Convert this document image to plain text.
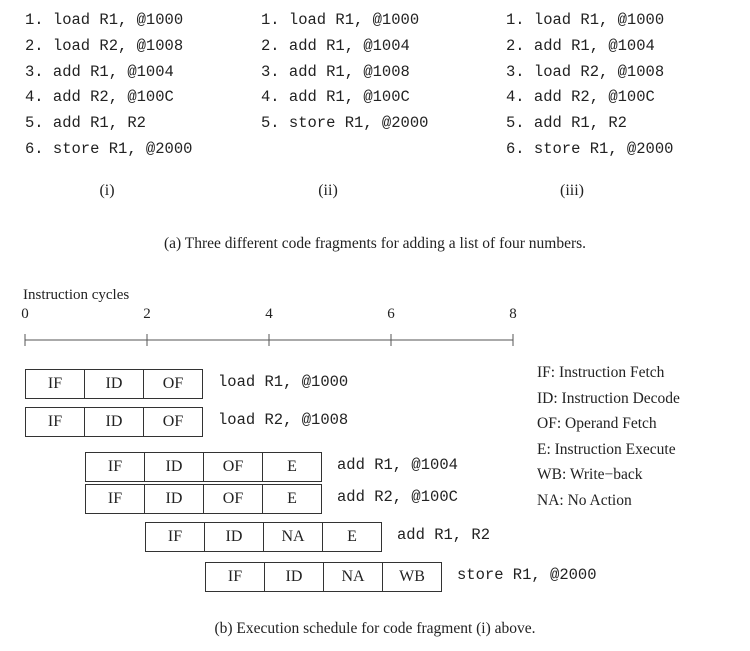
1. load R1, @1000
2. load R2, @1008
3. add R1, @1004
4. add R2, @100C
5. add R1, R2
6. store R1, @2000
1. load R1, @1000
2. add R1, @1004
3. add R1, @1008
4. add R1, @100C
5. store R1, @2000
1. load R1, @1000
2. add R1, @1004
3. load R2, @1008
4. add R2, @100C
5. add R1, R2
6. store R1, @2000
(i)	(ii)	(iii)
(a) Three different code fragments for adding a list of four numbers.
Instruction cycles
0	2	4	6	8
IF	ID	OF	load R1, @1000
IF	ID	OF	load R2, @1008
IF	ID	OF	E	add R1, @1004
IF	ID	OF	E	add R2, @100C
IF	ID	NA	E	add R1, R2
IF	ID	NA	WB	store R1, @2000
IF: Instruction Fetch
ID: Instruction Decode
OF: Operand Fetch
E: Instruction Execute
WB: Write−back
NA: No Action
(b) Execution schedule for code fragment (i) above.
